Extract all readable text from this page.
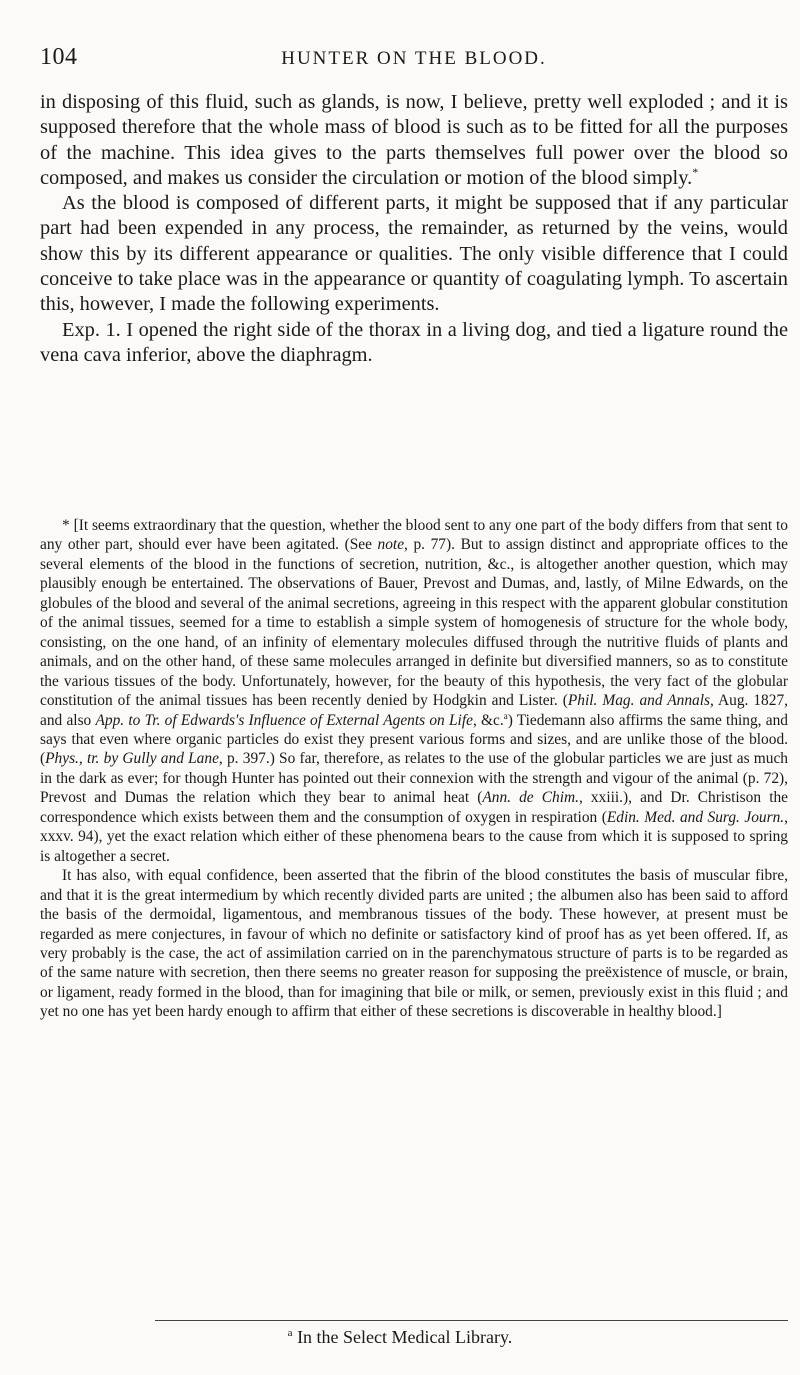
104	HUNTER ON THE BLOOD.

in disposing of this fluid, such as glands, is now, I believe, pretty well exploded ; and it is supposed therefore that the whole mass of blood is such as to be fitted for all the purposes of the machine. This idea gives to the parts themselves full power over the blood so composed, and makes us consider the circulation or motion of the blood simply.*

As the blood is composed of different parts, it might be supposed that if any particular part had been expended in any process, the remainder, as returned by the veins, would show this by its different appearance or qualities. The only visible difference that I could conceive to take place was in the appearance or quantity of coagulating lymph. To ascertain this, however, I made the following experiments.

Exp. 1. I opened the right side of the thorax in a living dog, and tied a ligature round the vena cava inferior, above the diaphragm.

* [It seems extraordinary that the question, whether the blood sent to any one part of the body differs from that sent to any other part, should ever have been agitated. (See note, p. 77). But to assign distinct and appropriate offices to the several elements of the blood in the functions of secretion, nutrition, &c., is altogether another question, which may plausibly enough be entertained. The observations of Bauer, Prevost and Dumas, and, lastly, of Milne Edwards, on the globules of the blood and several of the animal secretions, agreeing in this respect with the apparent globular constitution of the animal tissues, seemed for a time to establish a simple system of homogenesis of structure for the whole body, consisting, on the one hand, of an infinity of elementary molecules diffused through the nutritive fluids of plants and animals, and on the other hand, of these same molecules arranged in definite but diversified manners, so as to constitute the various tissues of the body. Unfortunately, however, for the beauty of this hypothesis, the very fact of the globular constitution of the animal tissues has been recently denied by Hodgkin and Lister. (Phil. Mag. and Annals, Aug. 1827, and also App. to Tr. of Edwards's Influence of External Agents on Life, &c.$^a$) Tiedemann also affirms the same thing, and says that even where organic particles do exist they present various forms and sizes, and are unlike those of the blood. (Phys., tr. by Gully and Lane, p. 397.) So far, therefore, as relates to the use of the globular particles we are just as much in the dark as ever; for though Hunter has pointed out their connexion with the strength and vigour of the animal (p. 72), Prevost and Dumas the relation which they bear to animal heat (Ann. de Chim., xxiii.), and Dr. Christison the correspondence which exists between them and the consumption of oxygen in respiration (Edin. Med. and Surg. Journ., xxxv. 94), yet the exact relation which either of these phenomena bears to the cause from which it is supposed to spring is altogether a secret.

It has also, with equal confidence, been asserted that the fibrin of the blood constitutes the basis of muscular fibre, and that it is the great intermedium by which recently divided parts are united ; the albumen also has been said to afford the basis of the dermoidal, ligamentous, and membranous tissues of the body. These however, at present must be regarded as mere conjectures, in favour of which no definite or satisfactory kind of proof has as yet been offered. If, as very probably is the case, the act of assimilation carried on in the parenchymatous structure of parts is to be regarded as of the same nature with secretion, then there seems no greater reason for supposing the preëxistence of muscle, or brain, or ligament, ready formed in the blood, than for imagining that bile or milk, or semen, previously exist in this fluid ; and yet no one has yet been hardy enough to affirm that either of these secretions is discoverable in healthy blood.]

$^a$ In the Select Medical Library.
